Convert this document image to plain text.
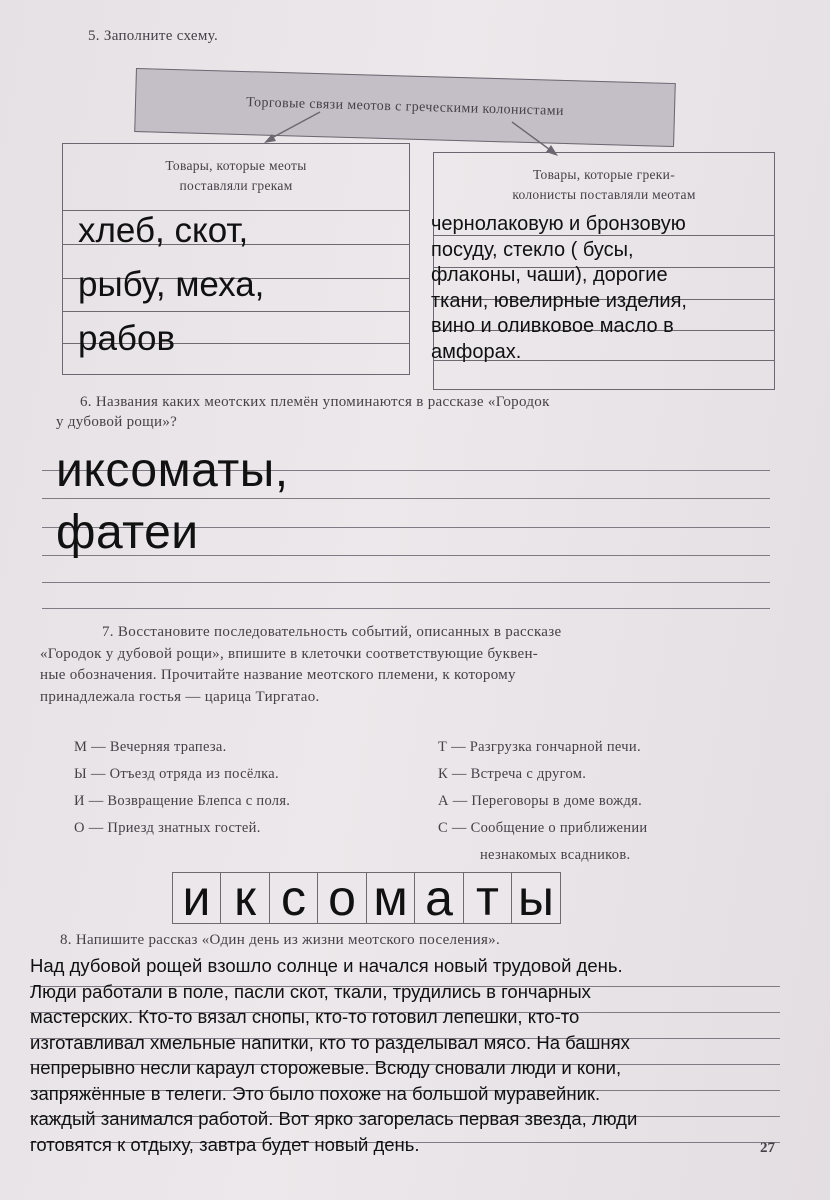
5. Заполните схему.
Торговые связи меотов с греческими колонистами
Товары, которые меоты
поставляли грекам
хлеб, скот,
рыбу, меха,
рабов
Товары, которые греки-
колонисты поставляли меотам
чернолаковую и бронзовую
посуду, стекло ( бусы,
флаконы, чаши), дорогие
ткани, ювелирные изделия,
вино и оливковое масло в
амфорах.
6. Названия каких меотских племён упоминаются в рассказе «Городок
у дубовой рощи»?
иксоматы,
фатеи
7. Восстановите последовательность событий, описанных в рассказе
«Городок у дубовой рощи», впишите в клеточки соответствующие буквен-
ные обозначения. Прочитайте название меотского племени, к которому
принадлежала гостья — царица Тиргатао.
М — Вечерняя трапеза.
Ы — Отъезд отряда из посёлка.
И — Возвращение Блепса с поля.
О — Приезд знатных гостей.
Т — Разгрузка гончарной печи.
К — Встреча с другом.
А — Переговоры в доме вождя.
С — Сообщение о приближении
незнакомых всадников.
и к с о м а т ы
8. Напишите рассказ «Один день из жизни меотского поселения».
Над дубовой рощей взошло солнце и начался новый трудовой день.
Люди работали в поле, пасли скот, ткали, трудились в гончарных
мастерских. Кто-то вязал снопы, кто-то готовил лепешки, кто-то
изготавливал хмельные напитки, кто то разделывал мясо. На башнях
непрерывно несли караул сторожевые. Всюду сновали люди и кони,
запряжённые в телеги. Это было похоже на большой муравейник.
каждый занимался работой. Вот ярко загорелась первая звезда, люди
готовятся к отдыху, завтра будет новый день.	27
